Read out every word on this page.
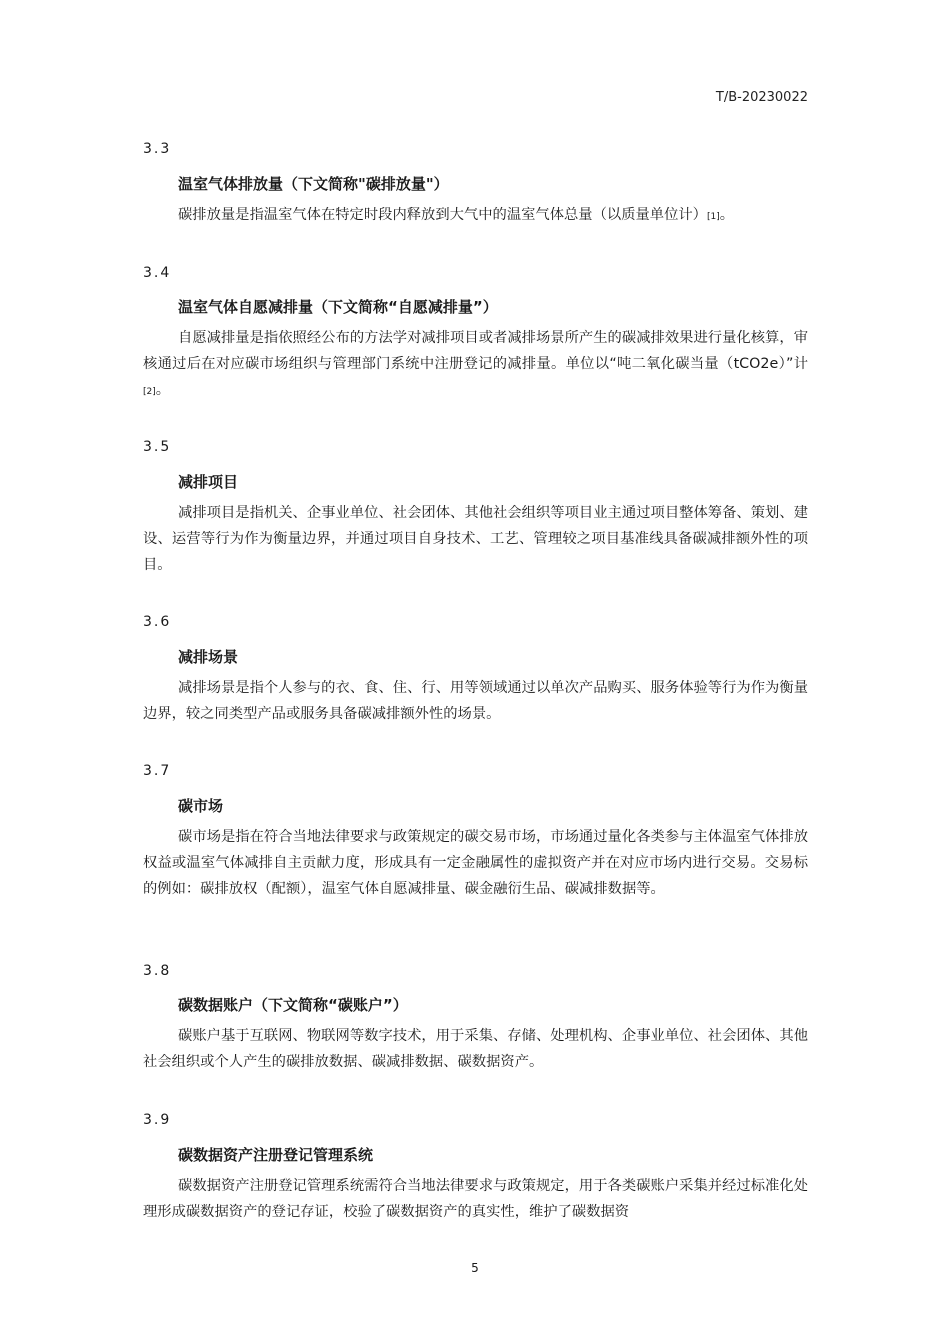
T/B-20230022
3.3
温室气体排放量（下文简称"碳排放量"）

碳排放量是指温室气体在特定时段内释放到大气中的温室气体总量（以质量单位计）[1]。

3.4
温室气体自愿减排量（下文简称“自愿减排量”）

自愿减排量是指依照经公布的方法学对减排项目或者减排场景所产生的碳减排效果进行量化核算，审核通过后在对应碳市场组织与管理部门系统中注册登记的减排量。单位以“吨二氧化碳当量（tCO2e）”计[2]。

3.5
减排项目

减排项目是指机关、企事业单位、社会团体、其他社会组织等项目业主通过项目整体筹备、策划、建设、运营等行为作为衡量边界，并通过项目自身技术、工艺、管理较之项目基准线具备碳减排额外性的项目。

3.6
减排场景

减排场景是指个人参与的衣、食、住、行、用等领域通过以单次产品购买、服务体验等行为作为衡量边界，较之同类型产品或服务具备碳减排额外性的场景。

3.7
碳市场

碳市场是指在符合当地法律要求与政策规定的碳交易市场，市场通过量化各类参与主体温室气体排放权益或温室气体减排自主贡献力度，形成具有一定金融属性的虚拟资产并在对应市场内进行交易。交易标的例如：碳排放权（配额），温室气体自愿减排量、碳金融衍生品、碳减排数据等。

3.8
碳数据账户（下文简称“碳账户”）

碳账户基于互联网、物联网等数字技术，用于采集、存储、处理机构、企事业单位、社会团体、其他社会组织或个人产生的碳排放数据、碳减排数据、碳数据资产。

3.9
碳数据资产注册登记管理系统

碳数据资产注册登记管理系统需符合当地法律要求与政策规定，用于各类碳账户采集并经过标准化处理形成碳数据资产的登记存证，校验了碳数据资产的真实性，维护了碳数据资

5
